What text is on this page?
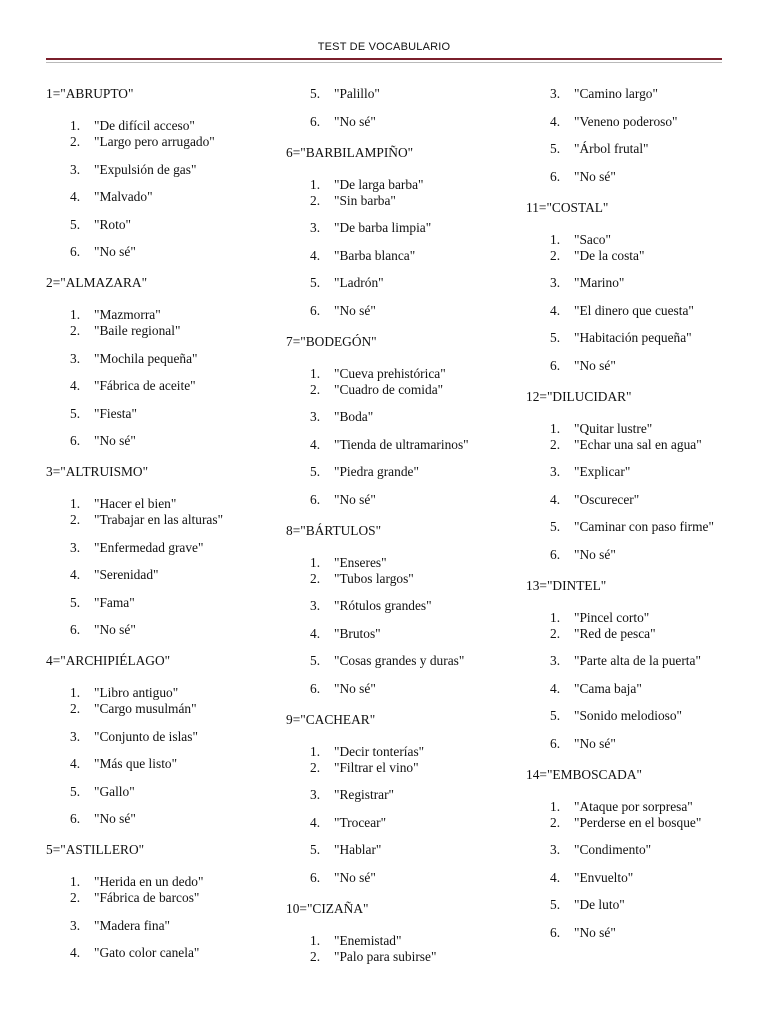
TEST DE VOCABULARIO
1="ABRUPTO"
1.	"De difícil acceso"
2.	"Largo pero arrugado"
3.	"Expulsión de gas"
4.	"Malvado"
5.	"Roto"
6.	"No sé"
2="ALMAZARA"
1.	"Mazmorra"
2.	"Baile regional"
3.	"Mochila pequeña"
4.	"Fábrica de aceite"
5.	"Fiesta"
6.	"No sé"
3="ALTRUISMO"
1.	"Hacer el bien"
2.	"Trabajar en las alturas"
3.	"Enfermedad grave"
4.	"Serenidad"
5.	"Fama"
6.	"No sé"
4="ARCHIPIÉLAGO"
1.	"Libro antiguo"
2.	"Cargo musulmán"
3.	"Conjunto de islas"
4.	"Más que listo"
5.	"Gallo"
6.	"No sé"
5="ASTILLERO"
1.	"Herida en un dedo"
2.	"Fábrica de barcos"
3.	"Madera fina"
4.	"Gato color canela"
5.	"Palillo"
6.	"No sé"
6="BARBILAMPIÑO"
1.	"De larga barba"
2.	"Sin barba"
3.	"De barba limpia"
4.	"Barba blanca"
5.	"Ladrón"
6.	"No sé"
7="BODEGÓN"
1.	"Cueva prehistórica"
2.	"Cuadro de comida"
3.	"Boda"
4.	"Tienda de ultramarinos"
5.	"Piedra grande"
6.	"No sé"
8="BÁRTULOS"
1.	"Enseres"
2.	"Tubos largos"
3.	"Rótulos grandes"
4.	"Brutos"
5.	"Cosas grandes y duras"
6.	"No sé"
9="CACHEAR"
1.	"Decir tonterías"
2.	"Filtrar el vino"
3.	"Registrar"
4.	"Trocear"
5.	"Hablar"
6.	"No sé"
10="CIZAÑA"
1.	"Enemistad"
2.	"Palo para subirse"
3.	"Camino largo"
4.	"Veneno poderoso"
5.	"Árbol frutal"
6.	"No sé"
11="COSTAL"
1.	"Saco"
2.	"De la costa"
3.	"Marino"
4.	"El dinero que cuesta"
5.	"Habitación pequeña"
6.	"No sé"
12="DILUCIDAR"
1.	"Quitar lustre"
2.	"Echar una sal en agua"
3.	"Explicar"
4.	"Oscurecer"
5.	"Caminar con paso firme"
6.	"No sé"
13="DINTEL"
1.	"Pincel corto"
2.	"Red de pesca"
3.	"Parte alta de la puerta"
4.	"Cama baja"
5.	"Sonido melodioso"
6.	"No sé"
14="EMBOSCADA"
1.	"Ataque por sorpresa"
2.	"Perderse en el bosque"
3.	"Condimento"
4.	"Envuelto"
5.	"De luto"
6.	"No sé"
